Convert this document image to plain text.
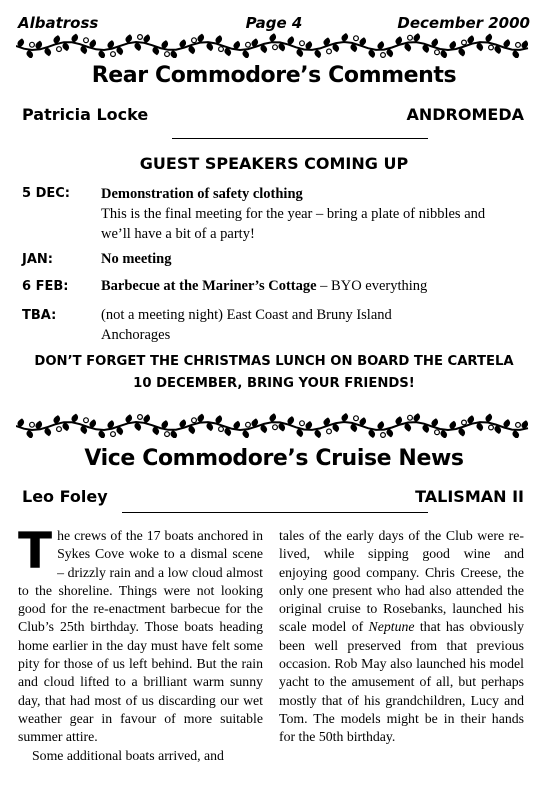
Albatross	Page 4	December 2000
Rear Commodore’s Comments
Patricia Locke	ANDROMEDA
GUEST SPEAKERS COMING UP
5 DEC: Demonstration of safety clothing
This is the final meeting for the year – bring a plate of nibbles and we’ll have a bit of a party!
JAN:	No meeting
6 FEB: Barbecue at the Mariner’s Cottage – BYO everything
TBA:	(not a meeting night) East Coast and Bruny Island Anchorages
DON’T FORGET THE CHRISTMAS LUNCH ON BOARD THE CARTELA
10 DECEMBER, BRING YOUR FRIENDS!
Vice Commodore’s Cruise News
Leo Foley	TALISMAN II

The crews of the 17 boats anchored in Sykes Cove woke to a dismal scene – drizzly rain and a low cloud almost to the shoreline. Things were not looking good for the re-enactment barbecue for the Club’s 25th birthday. Those boats heading home earlier in the day must have felt some pity for those of us left behind. But the rain and cloud lifted to a brilliant warm sunny day, that had most of us discarding our wet weather gear in favour of more suitable summer attire.

Some additional boats arrived, and

tales of the early days of the Club were re-lived, while sipping good wine and enjoying good company. Chris Creese, the only one present who had also attended the original cruise to Rosebanks, launched his scale model of Neptune that has obviously been well preserved from that previous occasion. Rob May also launched his model yacht to the amusement of all, but perhaps mostly that of his grandchildren, Lucy and Tom. The models might be in their hands for the 50th birthday.
